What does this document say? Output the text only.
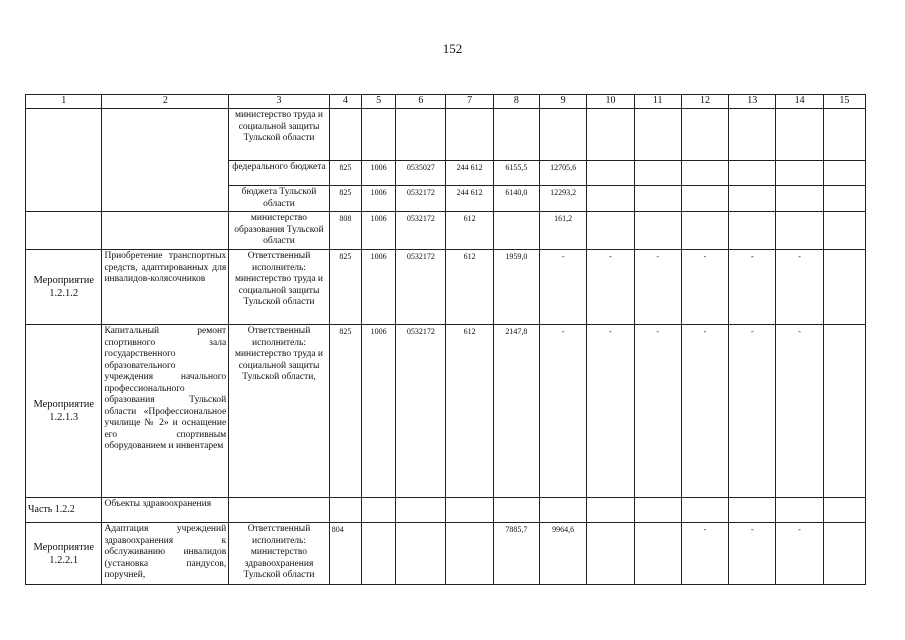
152
1	2	3	4	5	6	7	8	9	10	11	12	13	14	15
		министерство труда и социальной защиты Тульской области												
		федерального бюджета	825	1006	0535027	244 612	6155,5	12705,6						
		бюджета Тульской области	825	1006	0532172	244 612	6140,0	12293,2						
		министерство образования Тульской области	808	1006	0532172	612		161,2						
Мероприятие 1.2.1.2	Приобретение транспортных средств, адаптированных для инвалидов-колясочников	Ответственный исполнитель: министерство труда и социальной защиты Тульской области	825	1006	0532172	612	1959,0	-	-	-	-	-	-	
Мероприятие 1.2.1.3	Капитальный ремонт спортивного зала государственного образовательного учреждения начального профессионального образования Тульской области «Профессиональное училище № 2» и оснащение его спортивным оборудованием и инвентарем	Ответственный исполнитель: министерство труда и социальной защиты Тульской области,	825	1006	0532172	612	2147,8	-	-	-	-	-	-	
Часть 1.2.2	Объекты здравоохранения													
Мероприятие 1.2.2.1	Адаптация учреждений здравоохранения к обслуживанию инвалидов (установка пандусов, поручней,	Ответственный исполнитель: министерство здравоохранения Тульской области	804				7885,7	9964,6			-	-	-	
